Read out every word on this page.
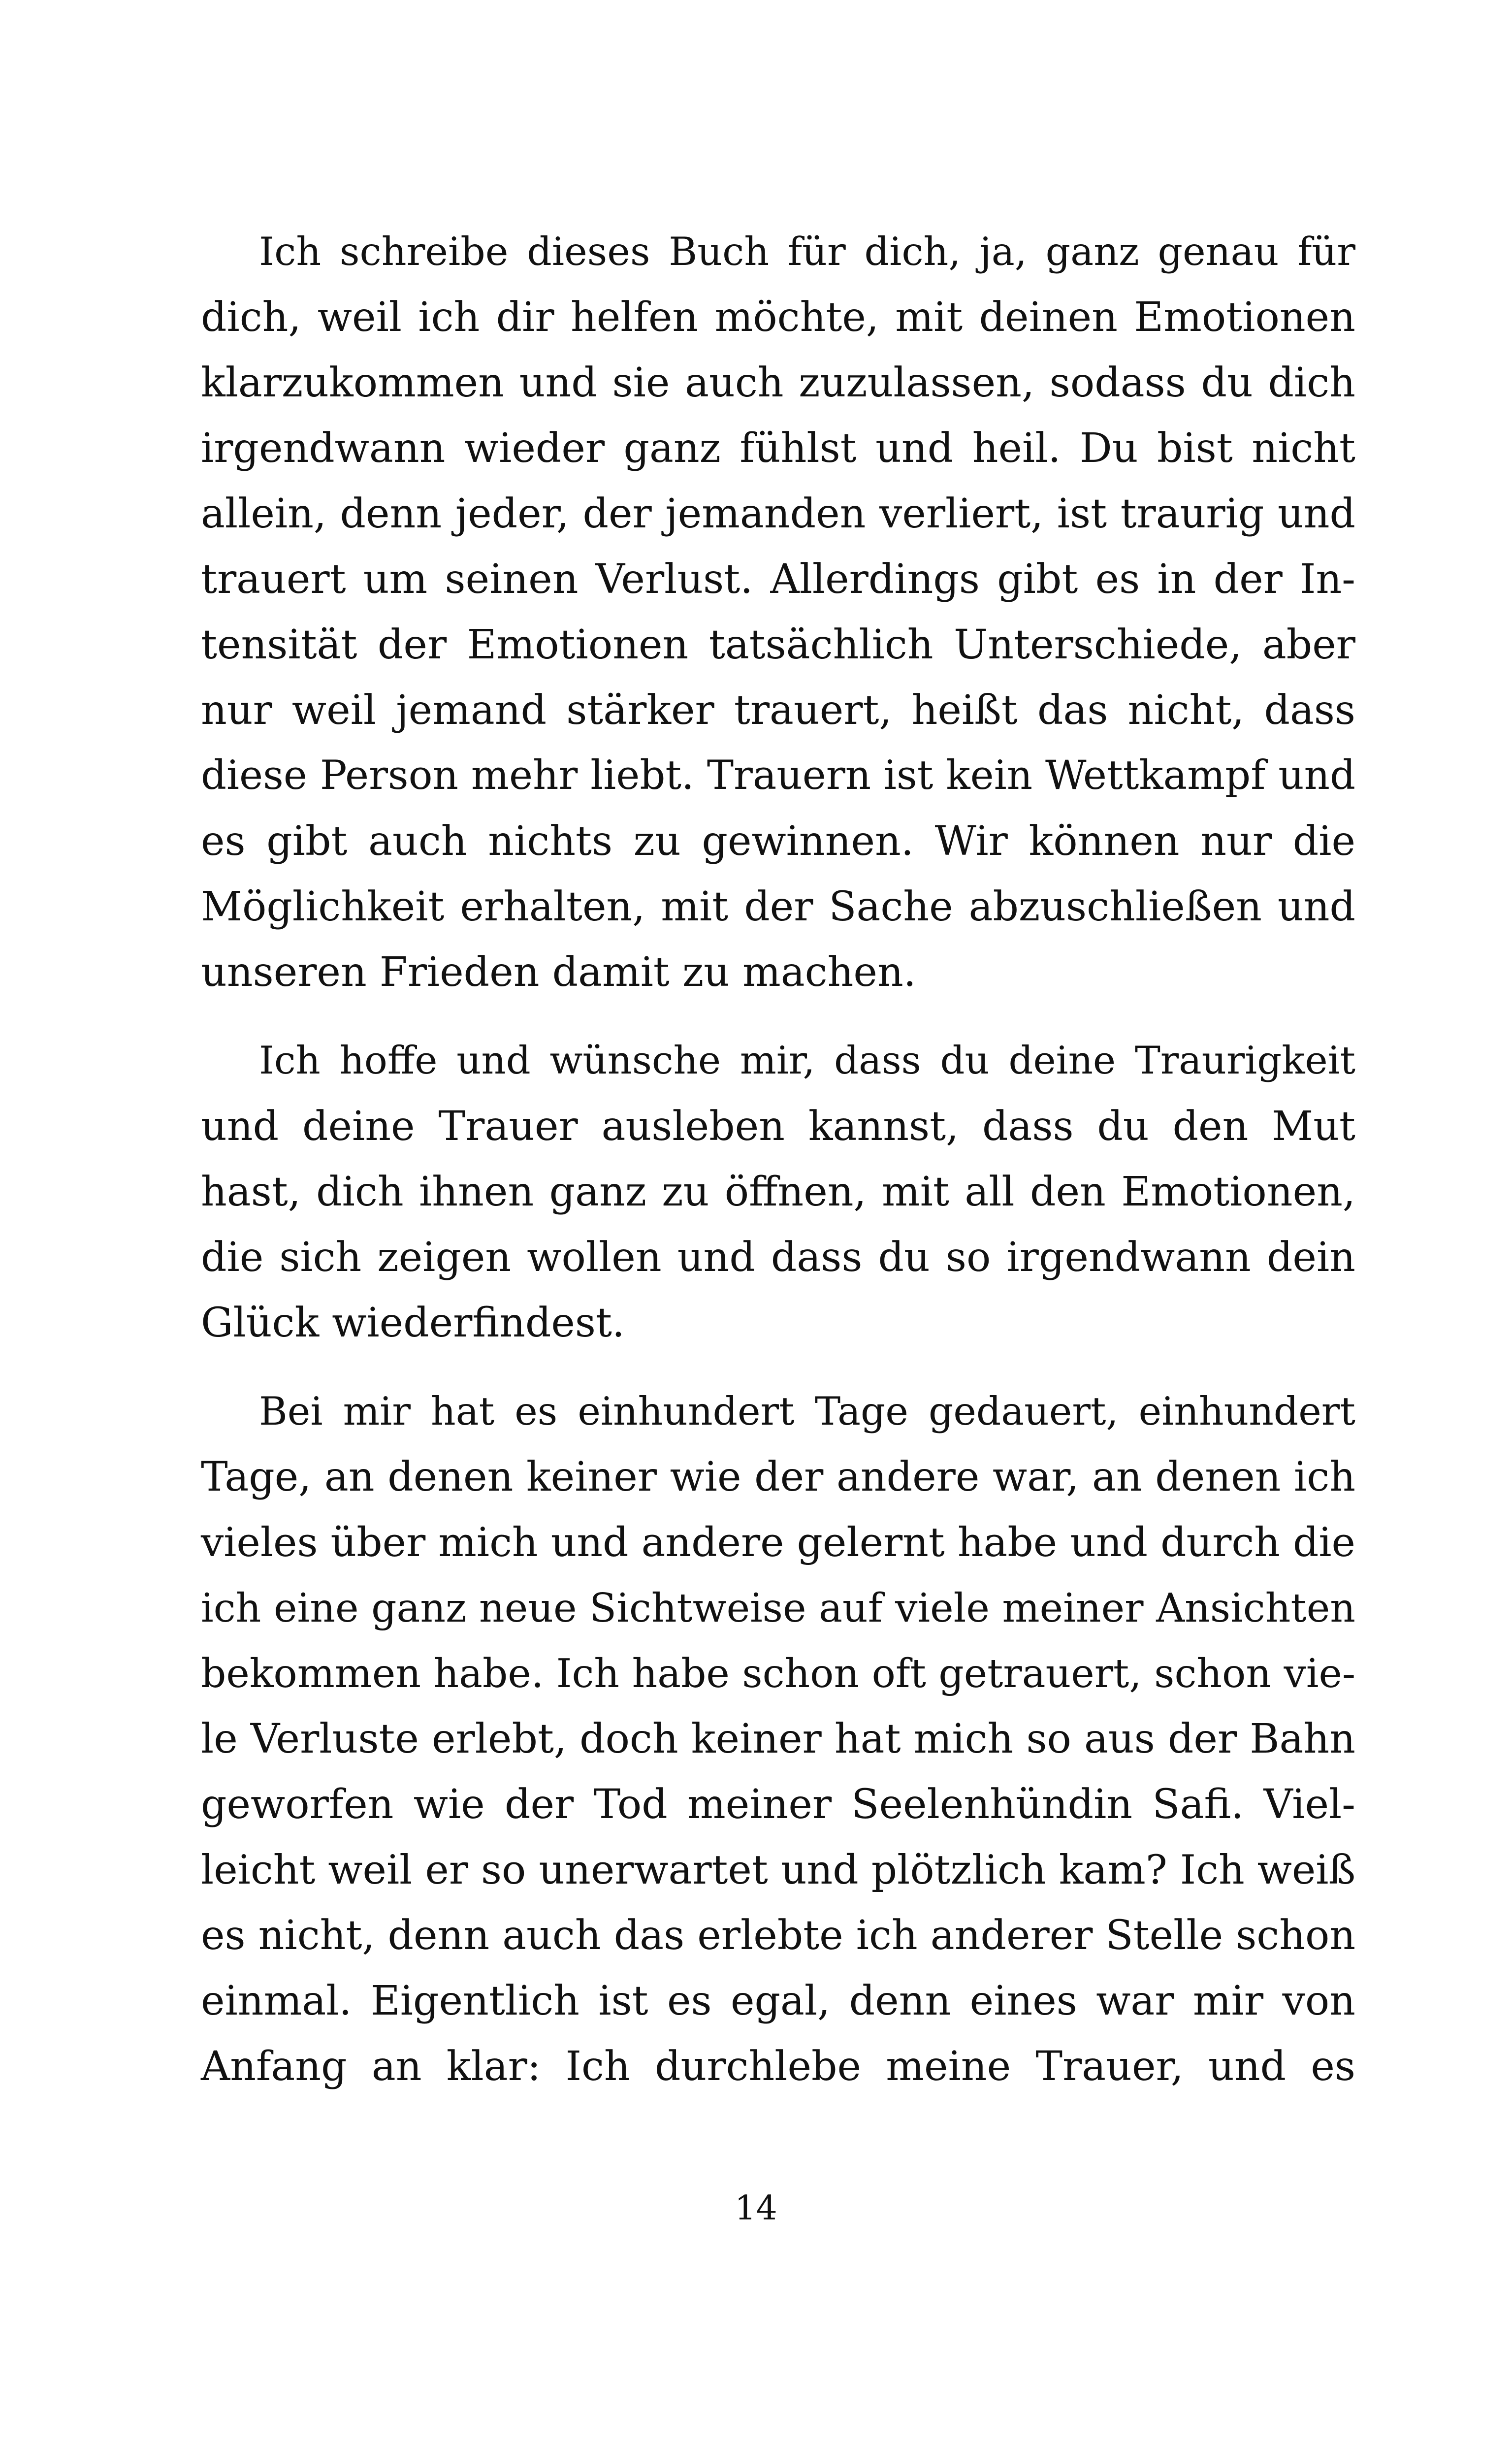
Ich schreibe dieses Buch für dich, ja, ganz genau für
dich, weil ich dir helfen möchte, mit deinen Emotionen
klarzukommen und sie auch zuzulassen, sodass du dich
irgendwann wieder ganz fühlst und heil. Du bist nicht
allein, denn jeder, der jemanden verliert, ist traurig und
trauert um seinen Verlust. Allerdings gibt es in der In-
tensität der Emotionen tatsächlich Unterschiede, aber
nur weil jemand stärker trauert, heißt das nicht, dass
diese Person mehr liebt. Trauern ist kein Wettkampf und
es gibt auch nichts zu gewinnen. Wir können nur die
Möglichkeit erhalten, mit der Sache abzuschließen und
unseren Frieden damit zu machen.
Ich hoffe und wünsche mir, dass du deine Traurigkeit
und deine Trauer ausleben kannst, dass du den Mut
hast, dich ihnen ganz zu öffnen, mit all den Emotionen,
die sich zeigen wollen und dass du so irgendwann dein
Glück wiederfindest.
Bei mir hat es einhundert Tage gedauert, einhundert
Tage, an denen keiner wie der andere war, an denen ich
vieles über mich und andere gelernt habe und durch die
ich eine ganz neue Sichtweise auf viele meiner Ansichten
bekommen habe. Ich habe schon oft getrauert, schon vie-
le Verluste erlebt, doch keiner hat mich so aus der Bahn
geworfen wie der Tod meiner Seelenhündin Safi. Viel-
leicht weil er so unerwartet und plötzlich kam? Ich weiß
es nicht, denn auch das erlebte ich anderer Stelle schon
einmal. Eigentlich ist es egal, denn eines war mir von
Anfang an klar: Ich durchlebe meine Trauer, und es
14
